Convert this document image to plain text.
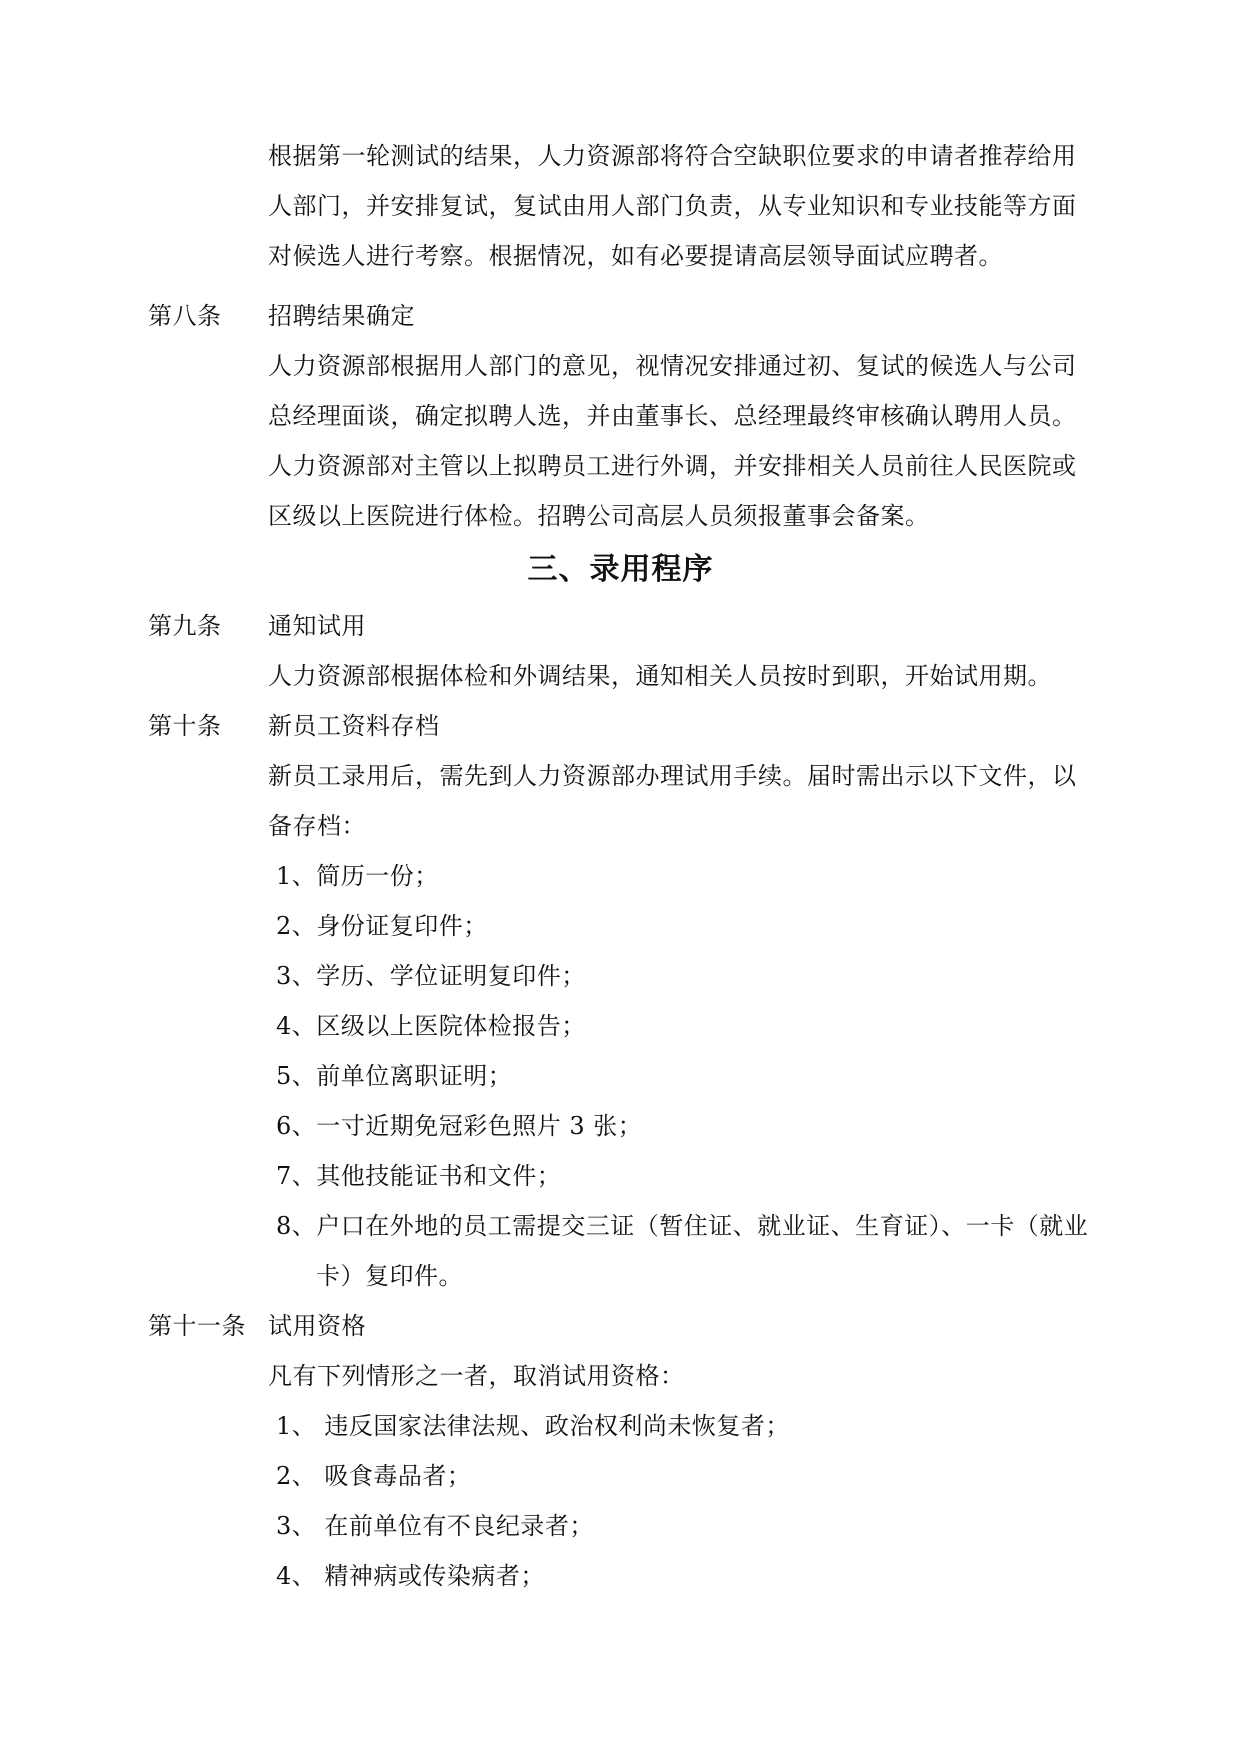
根据第一轮测试的结果，人力资源部将符合空缺职位要求的申请者推荐给用
人部门，并安排复试，复试由用人部门负责，从专业知识和专业技能等方面
对候选人进行考察。根据情况，如有必要提请高层领导面试应聘者。
第八条 招聘结果确定
人力资源部根据用人部门的意见，视情况安排通过初、复试的候选人与公司
总经理面谈，确定拟聘人选，并由董事长、总经理最终审核确认聘用人员。
人力资源部对主管以上拟聘员工进行外调，并安排相关人员前往人民医院或
区级以上医院进行体检。招聘公司高层人员须报董事会备案。
三、录用程序
第九条 通知试用
人力资源部根据体检和外调结果，通知相关人员按时到职，开始试用期。
第十条 新员工资料存档
新员工录用后，需先到人力资源部办理试用手续。届时需出示以下文件，以
备存档：
1、简历一份；
2、身份证复印件；
3、学历、学位证明复印件；
4、区级以上医院体检报告；
5、前单位离职证明；
6、一寸近期免冠彩色照片 3 张；
7、其他技能证书和文件；
8、户口在外地的员工需提交三证（暂住证、就业证、生育证）、一卡（就业
卡）复印件。
第十一条 试用资格
凡有下列情形之一者，取消试用资格：
1、 违反国家法律法规、政治权利尚未恢复者；
2、 吸食毒品者；
3、 在前单位有不良纪录者；
4、 精神病或传染病者；
